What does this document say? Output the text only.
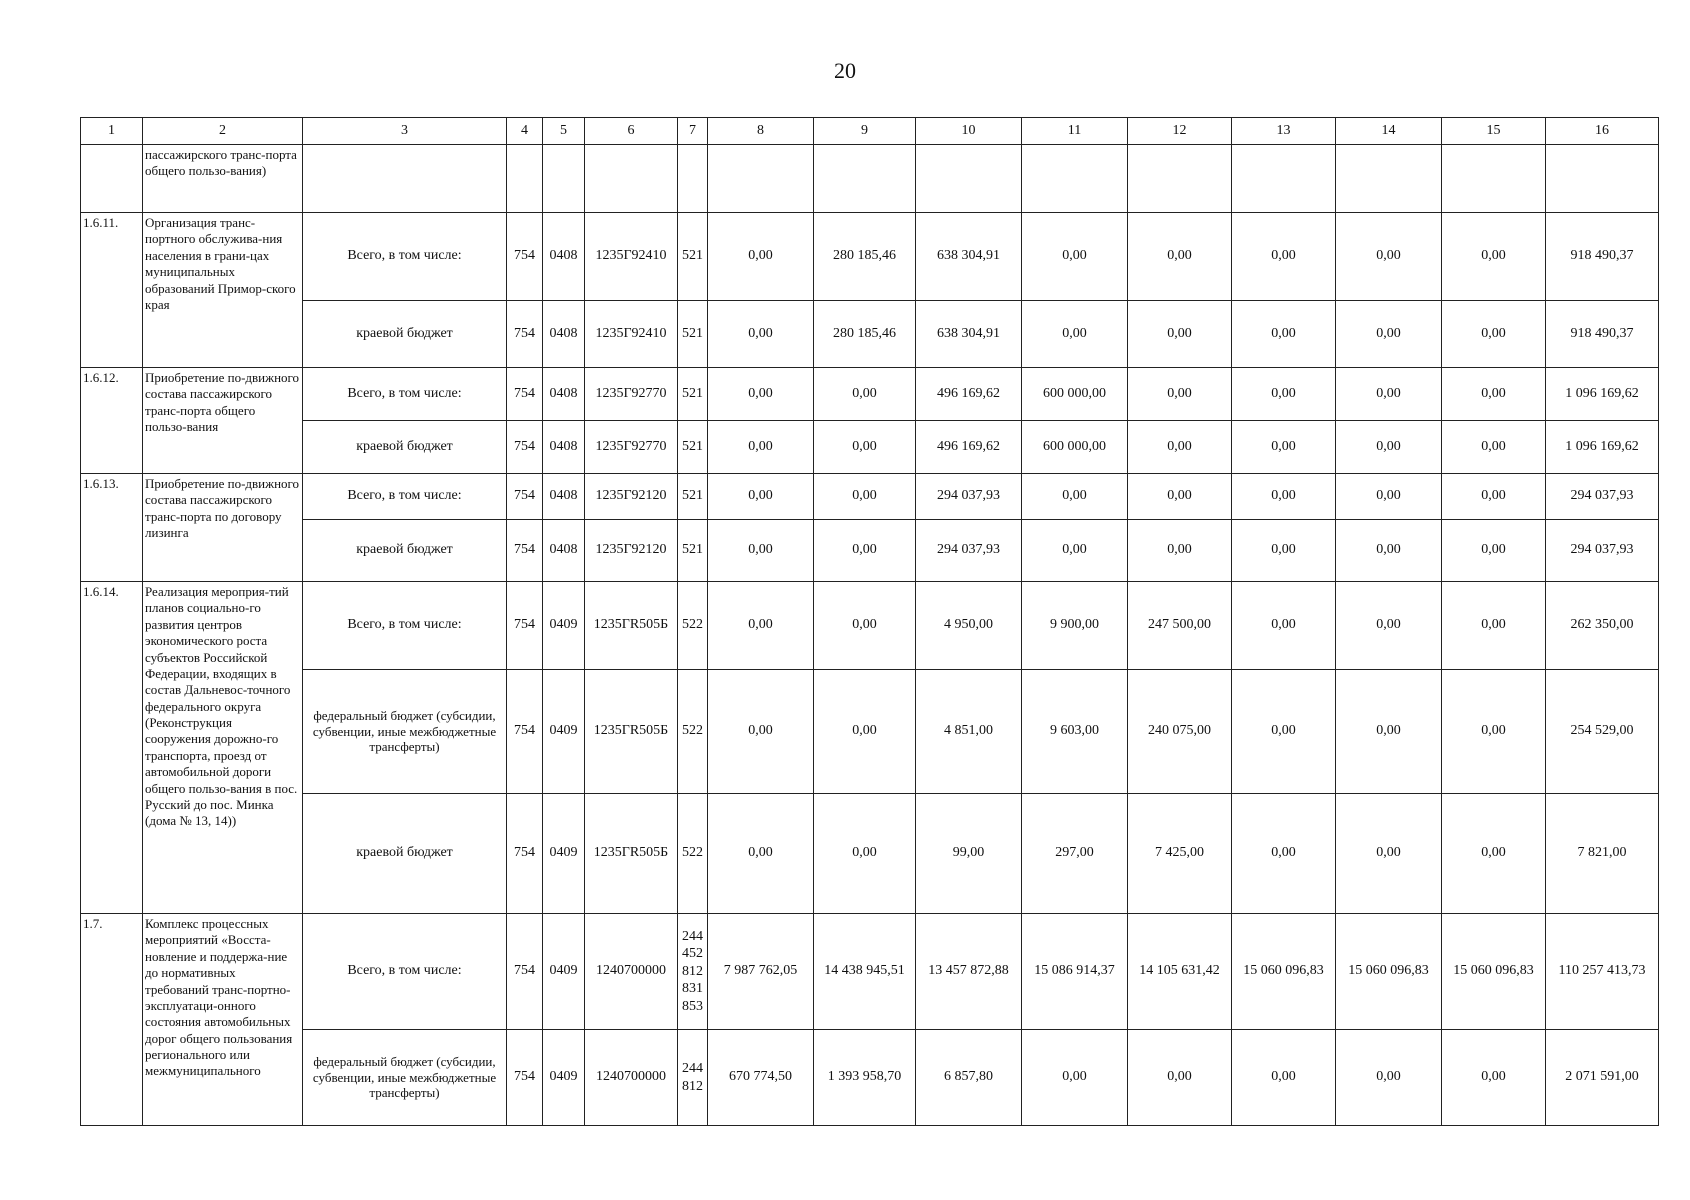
20
1	2	3	4	5	6	7	8	9	10	11	12	13	14	15	16
	пассажирского транс-порта общего пользо-вания)														
1.6.11.	Организация транс-портного обслужива-ния населения в грани-цах муниципальных образований Примор-ского края	Всего, в том числе:	754	0408	1235Г92410	521	0,00	280 185,46	638 304,91	0,00	0,00	0,00	0,00	0,00	918 490,37
		краевой бюджет	754	0408	1235Г92410	521	0,00	280 185,46	638 304,91	0,00	0,00	0,00	0,00	0,00	918 490,37
1.6.12.	Приобретение по-движного состава пассажирского транс-порта общего пользо-вания	Всего, в том числе:	754	0408	1235Г92770	521	0,00	0,00	496 169,62	600 000,00	0,00	0,00	0,00	0,00	1 096 169,62
		краевой бюджет	754	0408	1235Г92770	521	0,00	0,00	496 169,62	600 000,00	0,00	0,00	0,00	0,00	1 096 169,62
1.6.13.	Приобретение по-движного состава пассажирского транс-порта по договору лизинга	Всего, в том числе:	754	0408	1235Г92120	521	0,00	0,00	294 037,93	0,00	0,00	0,00	0,00	0,00	294 037,93
		краевой бюджет	754	0408	1235Г92120	521	0,00	0,00	294 037,93	0,00	0,00	0,00	0,00	0,00	294 037,93
1.6.14.	Реализация мероприя-тий планов социально-го развития центров экономического роста субъектов Российской Федерации, входящих в состав Дальневос-точного федерального округа (Реконструкция сооружения дорожно-го транспорта, проезд от автомобильной дороги общего пользо-вания в пос. Русский до пос. Минка (дома № 13, 14))	Всего, в том числе:	754	0409	1235ГR505Б	522	0,00	0,00	4 950,00	9 900,00	247 500,00	0,00	0,00	0,00	262 350,00
		федеральный бюджет (субсидии, субвенции, иные межбюджетные трансферты)	754	0409	1235ГR505Б	522	0,00	0,00	4 851,00	9 603,00	240 075,00	0,00	0,00	0,00	254 529,00
		краевой бюджет	754	0409	1235ГR505Б	522	0,00	0,00	99,00	297,00	7 425,00	0,00	0,00	0,00	7 821,00
1.7.	Комплекс процессных мероприятий «Восста-новление и поддержа-ние до нормативных требований транс-портно-эксплуатаци-онного состояния автомобильных дорог общего пользования регионального или межмуниципального	Всего, в том числе:	754	0409	1240700000	244 452 812 831 853	7 987 762,05	14 438 945,51	13 457 872,88	15 086 914,37	14 105 631,42	15 060 096,83	15 060 096,83	15 060 096,83	110 257 413,73
		федеральный бюджет (субсидии, субвенции, иные межбюджетные трансферты)	754	0409	1240700000	244 812	670 774,50	1 393 958,70	6 857,80	0,00	0,00	0,00	0,00	0,00	2 071 591,00
